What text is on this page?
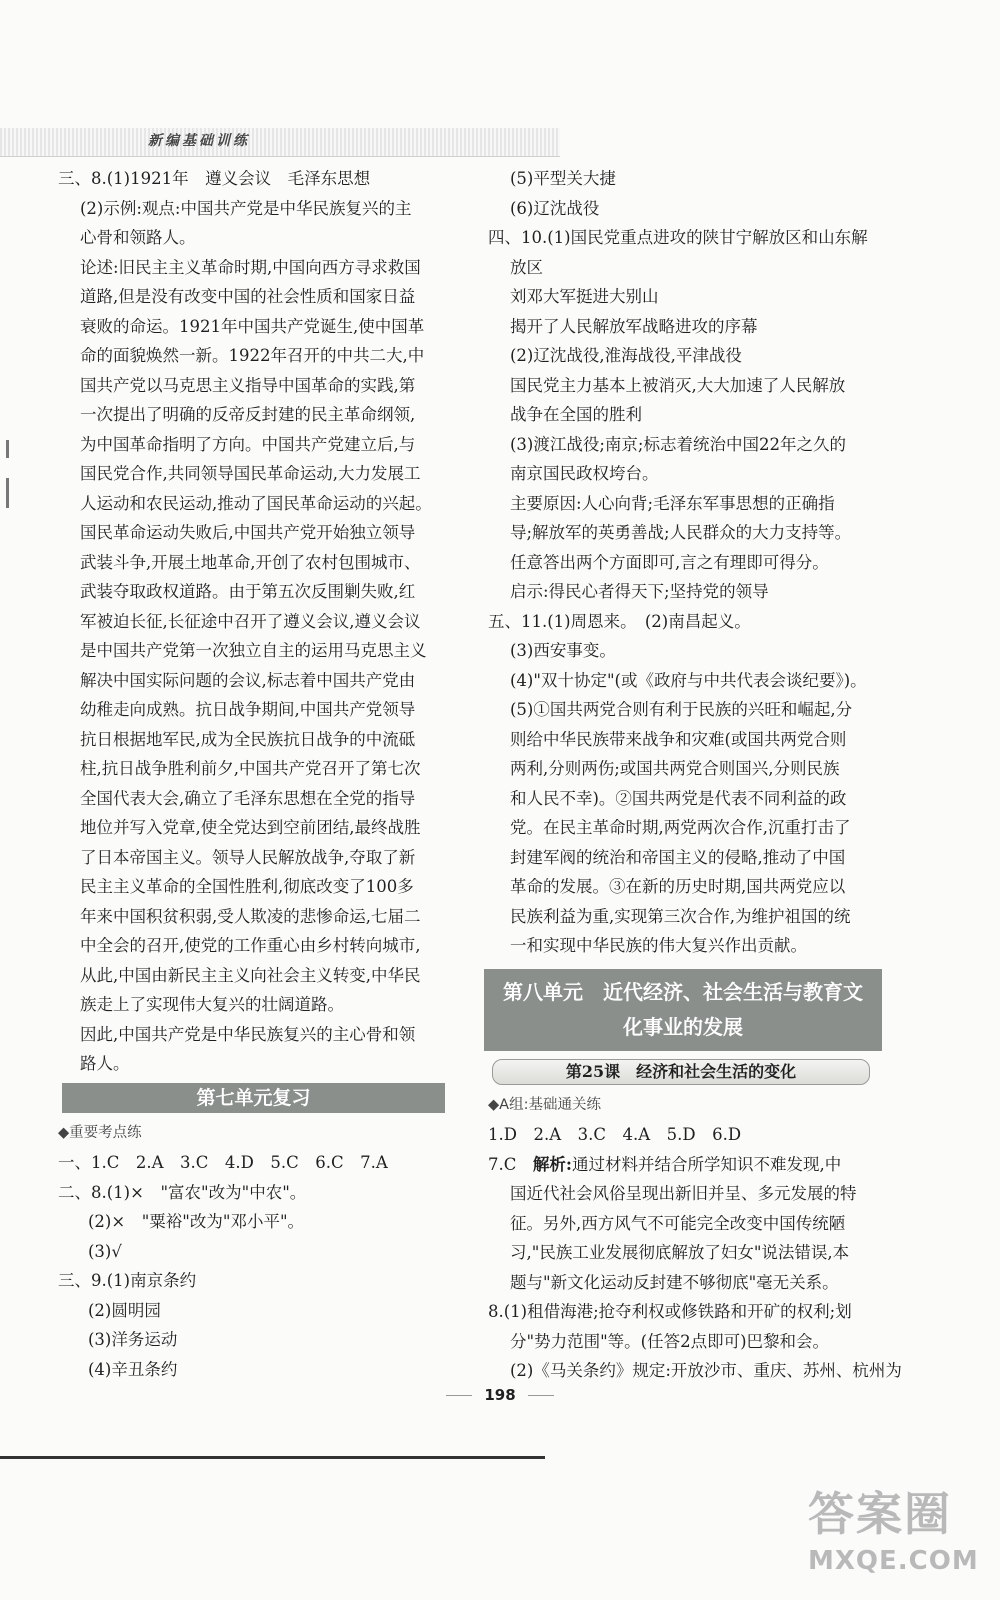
新编基础训练

三、8.(1)1921年　遵义会议　毛泽东思想

(2)示例:观点:中国共产党是中华民族复兴的主

心骨和领路人。

论述:旧民主主义革命时期,中国向西方寻求救国

道路,但是没有改变中国的社会性质和国家日益

衰败的命运。1921年中国共产党诞生,使中国革

命的面貌焕然一新。1922年召开的中共二大,中

国共产党以马克思主义指导中国革命的实践,第

一次提出了明确的反帝反封建的民主革命纲领,

为中国革命指明了方向。中国共产党建立后,与

国民党合作,共同领导国民革命运动,大力发展工

人运动和农民运动,推动了国民革命运动的兴起。

国民革命运动失败后,中国共产党开始独立领导

武装斗争,开展土地革命,开创了农村包围城市、

武装夺取政权道路。由于第五次反围剿失败,红

军被迫长征,长征途中召开了遵义会议,遵义会议

是中国共产党第一次独立自主的运用马克思主义

解决中国实际问题的会议,标志着中国共产党由

幼稚走向成熟。抗日战争期间,中国共产党领导

抗日根据地军民,成为全民族抗日战争的中流砥

柱,抗日战争胜利前夕,中国共产党召开了第七次

全国代表大会,确立了毛泽东思想在全党的指导

地位并写入党章,使全党达到空前团结,最终战胜

了日本帝国主义。领导人民解放战争,夺取了新

民主主义革命的全国性胜利,彻底改变了100多

年来中国积贫积弱,受人欺凌的悲惨命运,七届二

中全会的召开,使党的工作重心由乡村转向城市,

从此,中国由新民主主义向社会主义转变,中华民

族走上了实现伟大复兴的壮阔道路。

因此,中国共产党是中华民族复兴的主心骨和领

路人。

第七单元复习

◆重要考点练

一、1.C　2.A　3.C　4.D　5.C　6.C　7.A

二、8.(1)×　"富农"改为"中农"。

(2)×　"粟裕"改为"邓小平"。

(3)√

三、9.(1)南京条约

(2)圆明园

(3)洋务运动

(4)辛丑条约

(5)平型关大捷

(6)辽沈战役

四、10.(1)国民党重点进攻的陕甘宁解放区和山东解

放区

刘邓大军挺进大别山

揭开了人民解放军战略进攻的序幕

(2)辽沈战役,淮海战役,平津战役

国民党主力基本上被消灭,大大加速了人民解放

战争在全国的胜利

(3)渡江战役;南京;标志着统治中国22年之久的

南京国民政权垮台。

主要原因:人心向背;毛泽东军事思想的正确指

导;解放军的英勇善战;人民群众的大力支持等。

任意答出两个方面即可,言之有理即可得分。

启示:得民心者得天下;坚持党的领导

五、11.(1)周恩来。　(2)南昌起义。

(3)西安事变。

(4)"双十协定"(或《政府与中共代表会谈纪要》)。

(5)①国共两党合则有利于民族的兴旺和崛起,分

则给中华民族带来战争和灾难(或国共两党合则

两利,分则两伤;或国共两党合则国兴,分则民族

和人民不幸)。②国共两党是代表不同利益的政

党。在民主革命时期,两党两次合作,沉重打击了

封建军阀的统治和帝国主义的侵略,推动了中国

革命的发展。③在新的历史时期,国共两党应以

民族利益为重,实现第三次合作,为维护祖国的统

一和实现中华民族的伟大复兴作出贡献。

第八单元　近代经济、社会生活与教育文
化事业的发展
第25课　经济和社会生活的变化

◆A组:基础通关练

1.D　2.A　3.C　4.A　5.D　6.D

7.C　 解析:通过材料并结合所学知识不难发现,中

国近代社会风俗呈现出新旧并呈、多元发展的特

征。另外,西方风气不可能完全改变中国传统陋

习,"民族工业发展彻底解放了妇女"说法错误,本

题与"新文化运动反封建不够彻底"毫无关系。

8.(1)租借海港;抢夺利权或修铁路和开矿的权利;划

分"势力范围"等。(任答2点即可)巴黎和会。

(2)《马关条约》规定:开放沙市、重庆、苏州、杭州为

198
答案圈
MXQE.COM
